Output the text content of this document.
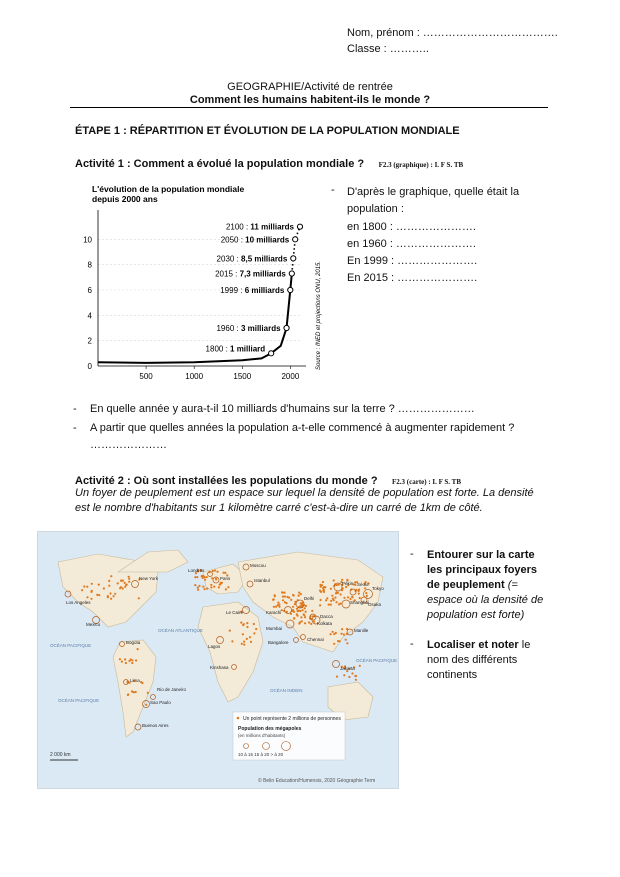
Nom, prénom : ……………………………….
Classe : ………..
GEOGRAPHIE/Activité de rentrée
Comment les humains habitent-ils le monde ?
ÉTAPE 1 : RÉPARTITION ET ÉVOLUTION DE LA POPULATION MONDIALE
Activité 1 : Comment a évolué la population mondiale ? F2.3 (graphique) : I. F S. TB
L'évolution de la population mondiale
depuis 2000 ans
Source : INED et projections ONU, 2015.
2
4
6
8
10
0
500	1000	1500	2000
1800 : 1 milliard
1960 : 3 milliards
1999 : 6 milliards
2015 : 7,3 milliards
2030 : 8,5 milliards
2050 : 10 milliards
2100 : 11 milliards
- D'après le graphique, quelle était la population :
en 1800 : ………………….
en 1960 : ………………….
En 1999 : ………………….
En 2015 : ………………….
- En quelle année y aura-t-il 10 milliards d'humains sur la terre ? …………………
- A partir que quelles années la population a-t-elle commencé à augmenter rapidement ?
…………………
Activité 2 : Où sont installées les populations du monde ? F2.3 (carte) : I. F S. TB
Un foyer de peuplement est un espace sur lequel la densité de population est forte. La densité
est le nombre d'habitants sur 1 kilomètre carré c'est-à-dire un carré de 1km de côté.
OCÉAN PACIFIQUE
OCÉAN ATLANTIQUE
OCÉAN INDIEN
OCÉAN PACIFIQUE
OCÉAN PACIFIQUE
Los Angeles
New York
Mexico
Bogota
Lima
Sao Paulo
Rio de Janeiro
Buenos Aires
Londres
Paris
Moscou
Le Caire
Lagos
Kinshasa
Istanbul
Karachi
Delhi
Mumbai
Dacca
Kolkata
Chennai
Bangalore
Pékin
Shanghai
Tokyo
Osaka
Séoul
Manille
Jakarta
2 000 km
Un point représente 2 millions de personnes
Population des mégapoles
(en millions d'habitants)
10 à 15 15 à 20 > à 20
© Belin Education/Humensis, 2020 Géographie Term
- Entourer sur la carte les principaux foyers de peuplement (= espace où la densité de population est forte)
- Localiser et noter le nom des différents continents
